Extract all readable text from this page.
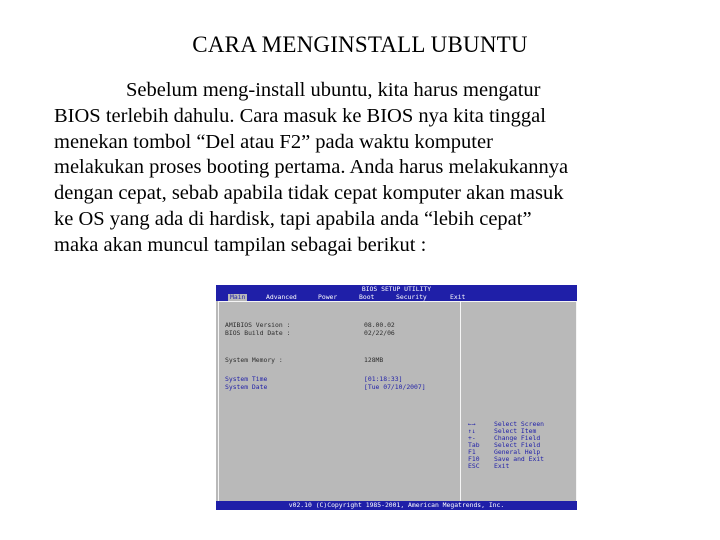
CARA MENGINSTALL UBUNTU
Sebelum meng-install ubuntu, kita harus mengatur
BIOS terlebih dahulu. Cara masuk ke BIOS nya kita tinggal
menekan tombol “Del atau F2” pada waktu komputer
melakukan proses booting pertama. Anda harus melakukannya
dengan cepat, sebab apabila tidak cepat komputer akan masuk
ke OS yang ada di hardisk, tapi apabila anda “lebih cepat”
maka akan muncul tampilan sebagai berikut :
BIOS SETUP UTILITY
Main	Advanced	Power	Boot	Security	Exit
AMIBIOS Version :	08.00.02
BIOS Build Date :	02/22/06
System Memory :	128MB
System Time	[01:18:33]
System Date	[Tue 07/10/2007]
←→	Select Screen
↑↓	Select Item
+-	Change Field
Tab Select Field
F1	General Help
F10 Save and Exit
ESC Exit
v02.10 (C)Copyright 1985-2001, American Megatrends, Inc.
